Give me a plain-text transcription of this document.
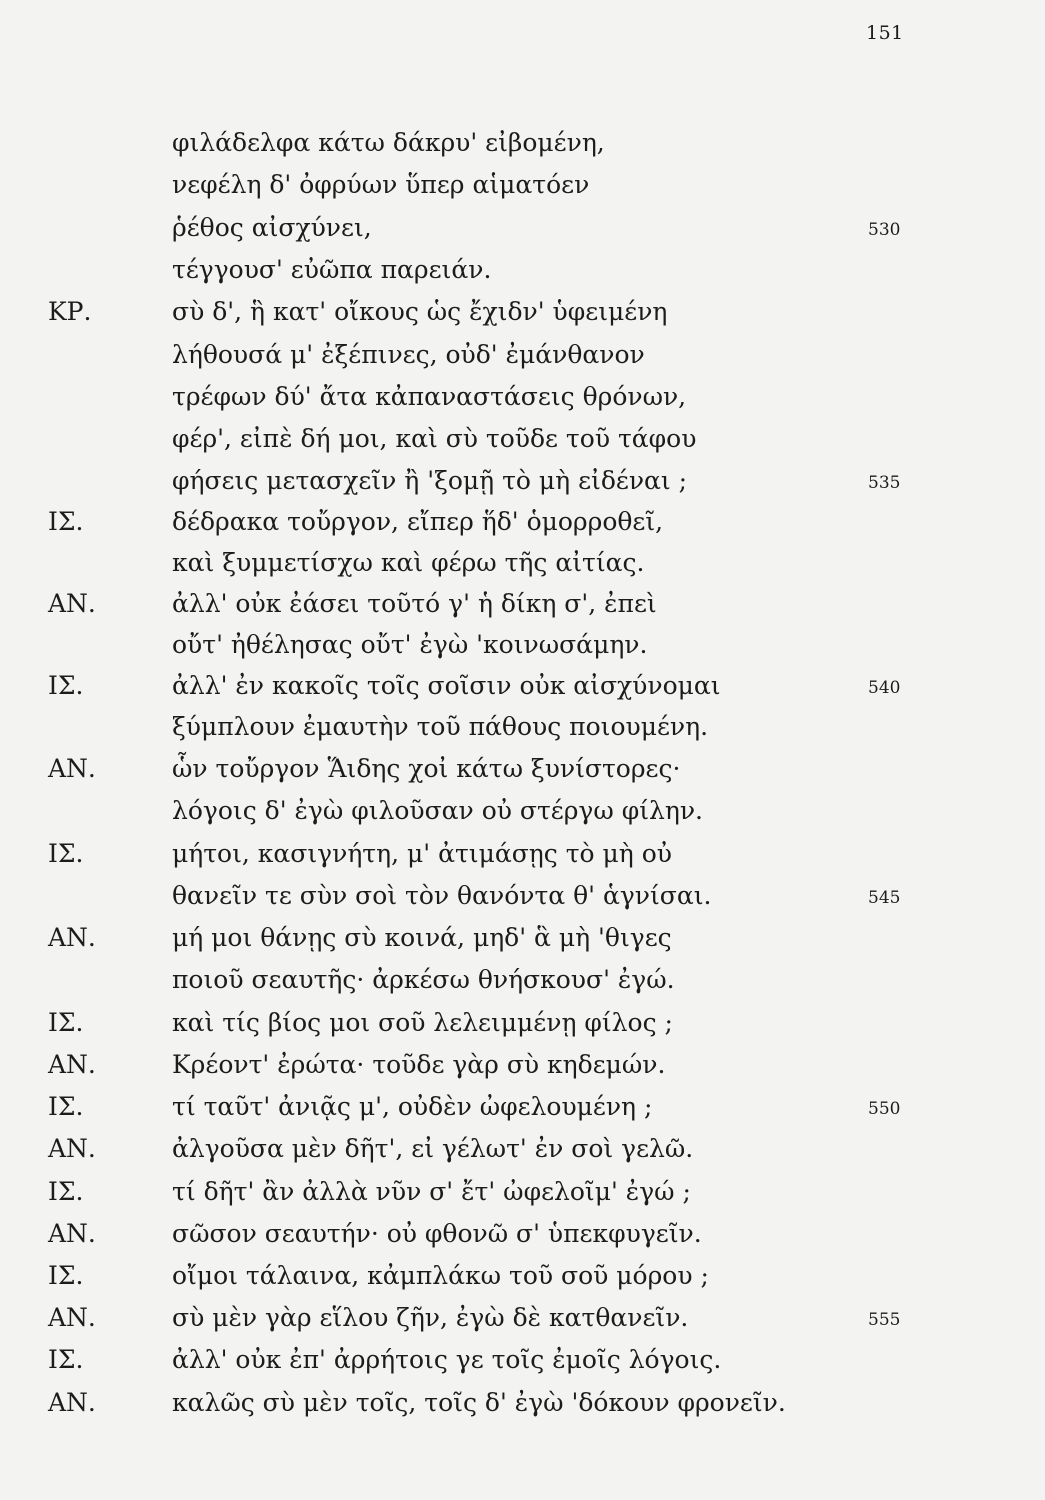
151
φιλάδελφα κάτω δάκρυ' εἰβομένη,
νεφέλη δ' ὀφρύων ὕπερ αἱματόεν
ῥέθος αἰσχύνει,	530
τέγγουσ' εὐῶπα παρειάν.
ΚΡ.	σὺ δ', ἣ κατ' οἴκους ὡς ἔχιδν' ὑφειμένη
λήθουσά μ' ἐξέπινες, οὐδ' ἐμάνθανον
τρέφων δύ' ἄτα κἀπαναστάσεις θρόνων,
φέρ', εἰπὲ δή μοι, καὶ σὺ τοῦδε τοῦ τάφου
φήσεις μετασχεῖν ἢ 'ξομῇ τὸ μὴ εἰδέναι ;	535
ΙΣ.	δέδρακα τοὔργον, εἴπερ ἥδ' ὁμορροθεῖ,
καὶ ξυμμετίσχω καὶ φέρω τῆς αἰτίας.
ΑΝ.	ἀλλ' οὐκ ἐάσει τοῦτό γ' ἡ δίκη σ', ἐπεὶ
οὔτ' ἠθέλησας οὔτ' ἐγὼ 'κοινωσάμην.
ΙΣ.	ἀλλ' ἐν κακοῖς τοῖς σοῖσιν οὐκ αἰσχύνομαι	540
ξύμπλουν ἐμαυτὴν τοῦ πάθους ποιουμένη.
ΑΝ.	ὧν τοὔργον Ἅιδης χοἰ κάτω ξυνίστορες·
λόγοις δ' ἐγὼ φιλοῦσαν οὐ στέργω φίλην.
ΙΣ.	μήτοι, κασιγνήτη, μ' ἀτιμάσῃς τὸ μὴ οὐ
θανεῖν τε σὺν σοὶ τὸν θανόντα θ' ἁγνίσαι.	545
ΑΝ.	μή μοι θάνῃς σὺ κοινά, μηδ' ἃ μὴ 'θιγες
ποιοῦ σεαυτῆς· ἀρκέσω θνήσκουσ' ἐγώ.
ΙΣ.	καὶ τίς βίος μοι σοῦ λελειμμένῃ φίλος ;
ΑΝ.	Κρέοντ' ἐρώτα· τοῦδε γὰρ σὺ κηδεμών.
ΙΣ.	τί ταῦτ' ἀνιᾷς μ', οὐδὲν ὠφελουμένη ;	550
ΑΝ.	ἀλγοῦσα μὲν δῆτ', εἰ γέλωτ' ἐν σοὶ γελῶ.
ΙΣ.	τί δῆτ' ἂν ἀλλὰ νῦν σ' ἔτ' ὠφελοῖμ' ἐγώ ;
ΑΝ.	σῶσον σεαυτήν· οὐ φθονῶ σ' ὑπεκφυγεῖν.
ΙΣ.	οἴμοι τάλαινα, κἀμπλάκω τοῦ σοῦ μόρου ;
ΑΝ.	σὺ μὲν γὰρ εἵλου ζῆν, ἐγὼ δὲ κατθανεῖν.	555
ΙΣ.	ἀλλ' οὐκ ἐπ' ἀρρήτοις γε τοῖς ἐμοῖς λόγοις.
ΑΝ.	καλῶς σὺ μὲν τοῖς, τοῖς δ' ἐγὼ 'δόκουν φρονεῖν.
